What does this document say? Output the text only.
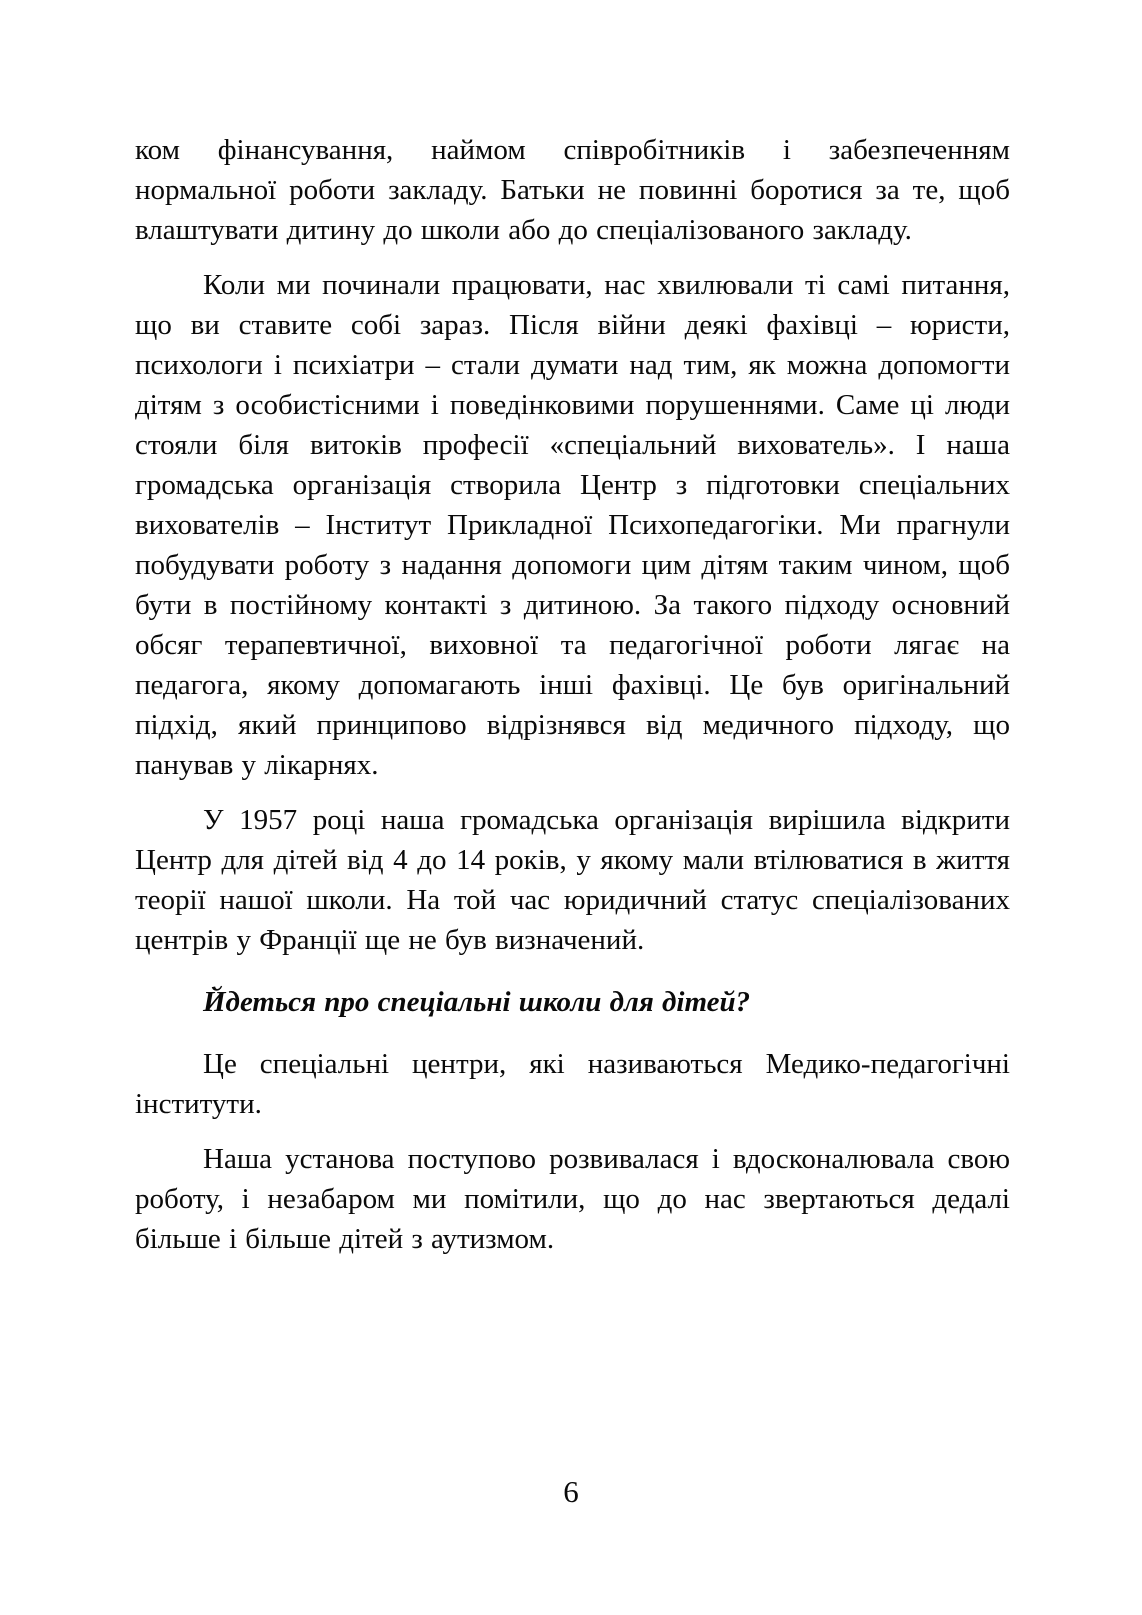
ком фінансування, наймом співробітників і забезпеченням нормальної роботи закладу. Батьки не повинні боротися за те, щоб влаштувати дитину до школи або до спеціалізованого закладу.

Коли ми починали працювати, нас хвилювали ті самі питання, що ви ставите собі зараз. Після війни деякі фахівці – юристи, психологи і психіатри – стали думати над тим, як можна допомогти дітям з особистісними і поведінковими порушеннями. Саме ці люди стояли біля витоків професії «спеціальний вихователь». І наша громадська організація створила Центр з підготовки спеціальних вихователів – Інститут Прикладної Психопедагогіки. Ми прагнули побудувати роботу з надання допомоги цим дітям таким чином, щоб бути в постійному контакті з дитиною. За такого підходу основний обсяг терапевтичної, виховної та педагогічної роботи лягає на педагога, якому допомагають інші фахівці. Це був оригінальний підхід, який принципово відрізнявся від медичного підходу, що панував у лікарнях.

У 1957 році наша громадська організація вирішила відкрити Центр для дітей від 4 до 14 років, у якому мали втілюватися в життя теорії нашої школи. На той час юридичний статус спеціалізованих центрів у Франції ще не був визначений.

Йдеться про спеціальні школи для дітей?

Це спеціальні центри, які називаються Медико-педагогічні інститути.

Наша установа поступово розвивалася і вдосконалювала свою роботу, і незабаром ми помітили, що до нас звертаються дедалі більше і більше дітей з аутизмом.

6
